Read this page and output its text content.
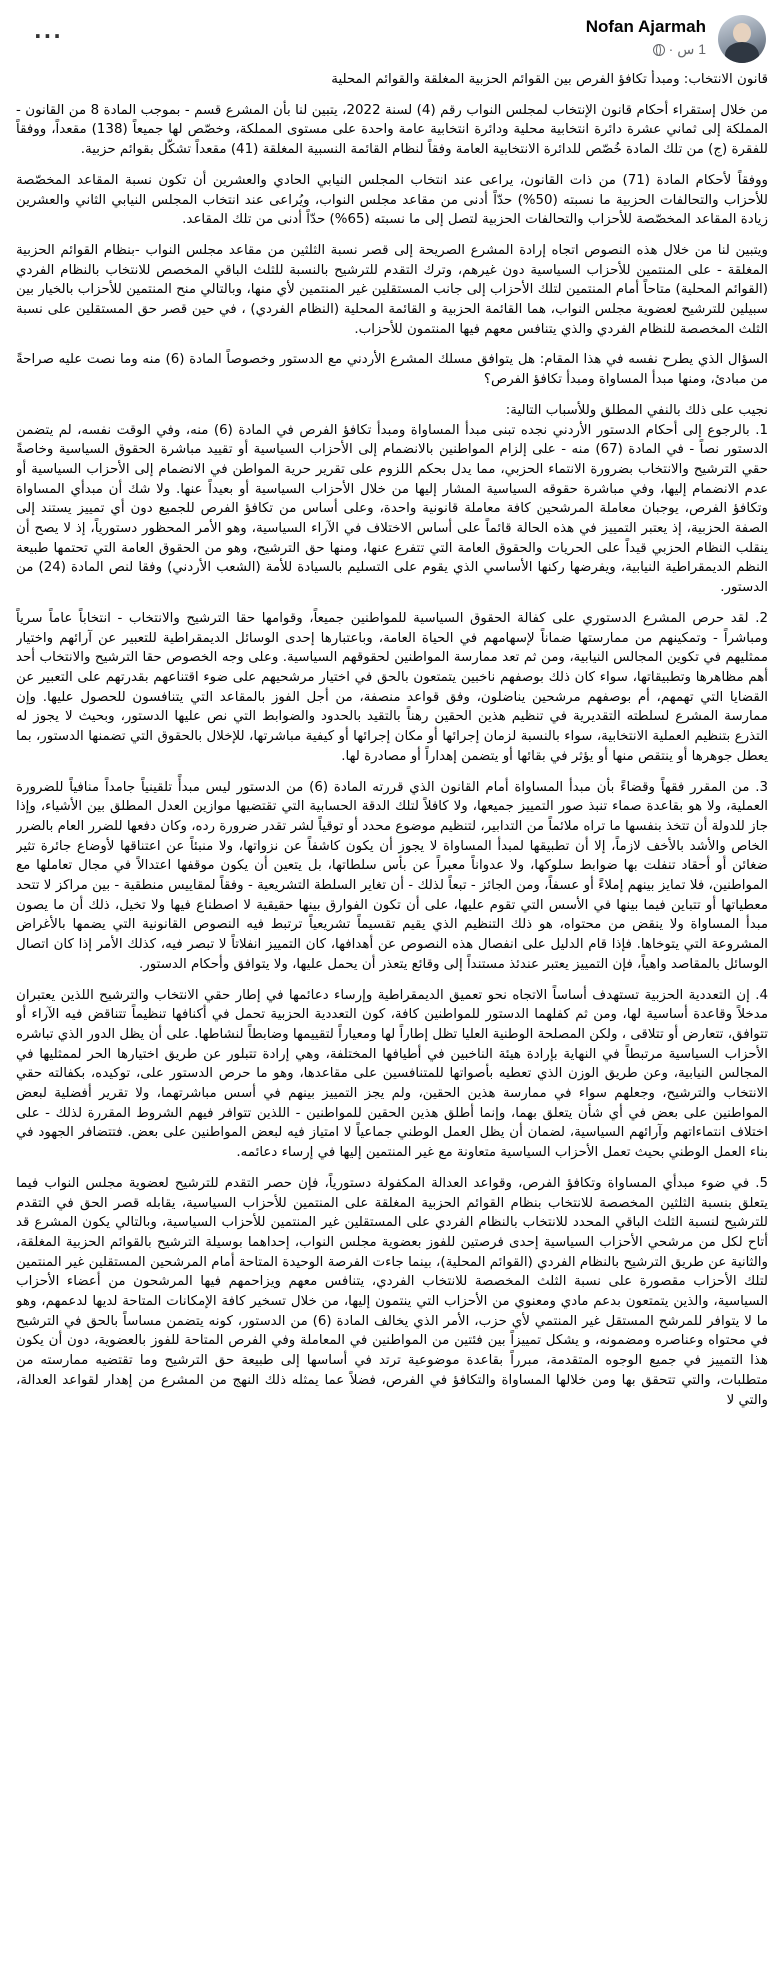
···	Nofan Ajarmah
1 س ·

قانون الانتخاب: ومبدأ تكافؤ الفرص بين القوائم الحزبية المغلقة والقوائم المحلية

من خلال إستقراء أحكام قانون الإنتخاب لمجلس النواب رقم (4) لسنة 2022، يتبين لنا بأن المشرع قسم - بموجب المادة 8 من القانون - المملكة إلى ثماني عشرة دائرة انتخابية محلية ودائرة انتخابية عامة واحدة على مستوى المملكة، وخصّص لها جميعاً (138) مقعداً، ووفقاً للفقرة (ج) من تلك المادة خُصّص للدائرة الانتخابية العامة وفقاً لنظام القائمة النسبية المغلقة (41) مقعداً تشكّل بقوائم حزبية.

ووفقاً لأحكام المادة (71) من ذات القانون، يراعى عند انتخاب المجلس النيابي الحادي والعشرين أن تكون نسبة المقاعد المخصّصة للأحزاب والتحالفات الحزبية ما نسبته (50%) حدّاً أدنى من مقاعد مجلس النواب، ويُراعى عند انتخاب المجلس النيابي الثاني والعشرين زيادة المقاعد المخصّصة للأحزاب والتحالفات الحزبية لتصل إلى ما نسبته (65%) حدّاً أدنى من تلك المقاعد.

ويتبين لنا من خلال هذه النصوص اتجاه إرادة المشرع الصريحة إلى قصر نسبة الثلثين من مقاعد مجلس النواب -بنظام القوائم الحزبية المغلقة - على المنتمين للأحزاب السياسية دون غيرهم، وترك التقدم للترشيح بالنسبة للثلث الباقي المخصص للانتخاب بالنظام الفردي (القوائم المحلية) متاحاً أمام المنتمين لتلك الأحزاب إلى جانب المستقلين غير المنتمين لأي منها، وبالتالي منح المنتمين للأحزاب بالخيار بين سبيلين للترشيح لعضوية مجلس النواب، هما القائمة الحزبية و القائمة المحلية (النظام الفردي) ، في حين قصر حق المستقلين على نسبة الثلث المخصصة للنظام الفردي والذي يتنافس معهم فيها المنتمون للأحزاب.

السؤال الذي يطرح نفسه في هذا المقام: هل يتوافق مسلك المشرع الأردني مع الدستور وخصوصاً المادة (6) منه وما نصت عليه صراحةً من مبادئ، ومنها مبدأ المساواة ومبدأ تكافؤ الفرص؟

نجيب على ذلك بالنفي المطلق وللأسباب التالية:
1. بالرجوع إلى أحكام الدستور الأردني نجده تبنى مبدأ المساواة ومبدأ تكافؤ الفرص في المادة (6) منه، وفي الوقت نفسه، لم يتضمن الدستور نصاً - في المادة (67) منه - على إلزام المواطنين بالانضمام إلى الأحزاب السياسية أو تقييد مباشرة الحقوق السياسية وخاصةً حقي الترشيح والانتخاب بضرورة الانتماء الحزبي، مما يدل بحكم اللزوم على تقرير حرية المواطن في الانضمام إلى الأحزاب السياسية أو عدم الانضمام إليها، وفي مباشرة حقوقه السياسية المشار إليها من خلال الأحزاب السياسية أو بعيداً عنها. ولا شك أن مبدأي المساواة وتكافؤ الفرص، يوجبان معاملة المرشحين كافة معاملة قانونية واحدة، وعلى أساس من تكافؤ الفرص للجميع دون أي تمييز يستند إلى الصفة الحزبية، إذ يعتبر التمييز في هذه الحالة قائماً على أساس الاختلاف في الآراء السياسية، وهو الأمر المحظور دستورياً، إذ لا يصح أن ينقلب النظام الحزبي قيداً على الحريات والحقوق العامة التي تتفرع عنها، ومنها حق الترشيح، وهو من الحقوق العامة التي تحتمها طبيعة النظم الديمقراطية النيابية، ويفرضها ركنها الأساسي الذي يقوم على التسليم بالسيادة للأمة (الشعب الأردني) وفقا لنص المادة (24) من الدستور.

2. لقد حرص المشرع الدستوري على كفالة الحقوق السياسية للمواطنين جميعاً، وقوامها حقا الترشيح والانتخاب - انتخاباً عاماً سرياً ومباشراً - وتمكينهم من ممارستها ضماناً لإسهامهم في الحياة العامة، وباعتبارها إحدى الوسائل الديمقراطية للتعبير عن آرائهم واختيار ممثليهم في تكوين المجالس النيابية، ومن ثم تعد ممارسة المواطنين لحقوقهم السياسية. وعلى وجه الخصوص حقا الترشيح والانتخاب أحد أهم مظاهرها وتطبيقاتها، سواء كان ذلك بوصفهم ناخبين يتمتعون بالحق في اختيار مرشحيهم على ضوء اقتناعهم بقدرتهم على التعبير عن القضايا التي تهمهم، أم بوصفهم مرشحين يناضلون، وفق قواعد منصفة، من أجل الفوز بالمقاعد التي يتنافسون للحصول عليها. وإن ممارسة المشرع لسلطته التقديرية في تنظيم هذين الحقين رهناً بالتقيد بالحدود والضوابط التي نص عليها الدستور، وبحيث لا يجوز له التذرع بتنظيم العملية الانتخابية، سواء بالنسبة لزمان إجرائها أو مكان إجرائها أو كيفية مباشرتها، للإخلال بالحقوق التي تضمنها الدستور، بما يعطل جوهرها أو ينتقص منها أو يؤثر في بقائها أو يتضمن إهداراً أو مصادرة لها.

3. من المقرر فقهاً وقضاءً بأن مبدأ المساواة أمام القانون الذي قررته المادة (6) من الدستور ليس مبدأً تلقينياً جامداً منافياً للضرورة العملية، ولا هو بقاعدة صماء تنبذ صور التمييز جميعها، ولا كافلاً لتلك الدقة الحسابية التي تقتضيها موازين العدل المطلق بين الأشياء، وإذا جاز للدولة أن تتخذ بنفسها ما تراه ملائماً من التدابير، لتنظيم موضوع محدد أو توقياً لشر تقدر ضرورة رده، وكان دفعها للضرر العام بالضرر الخاص والأشد بالأخف لازماً، إلا أن تطبيقها لمبدأ المساواة لا يجوز أن يكون كاشفاً عن نزواتها، ولا منبئاً عن اعتناقها لأوضاع جائرة تثير ضغائن أو أحقاد تنفلت بها ضوابط سلوكها، ولا عدواناً معبراً عن بأس سلطاتها، بل يتعين أن يكون موقفها اعتدالاً في مجال تعاملها مع المواطنين، فلا تمايز بينهم إملاءً أو عسفاً، ومن الجائز - تبعاً لذلك - أن تغاير السلطة التشريعية - وفقاً لمقاييس منطقية - بين مراكز لا تتحد معطياتها أو تتباين فيما بينها في الأسس التي تقوم عليها، على أن تكون الفوارق بينها حقيقية لا اصطناع فيها ولا تخيل، ذلك أن ما يصون مبدأ المساواة ولا ينقض من محتواه، هو ذلك التنظيم الذي يقيم تقسيماً تشريعياً ترتبط فيه النصوص القانونية التي يضمها بالأغراض المشروعة التي يتوخاها. فإذا قام الدليل على انفصال هذه النصوص عن أهدافها، كان التمييز انفلاتاً لا تبصر فيه، كذلك الأمر إذا كان اتصال الوسائل بالمقاصد واهياً، فإن التمييز يعتبر عندئذ مستنداً إلى وقائع يتعذر أن يحمل عليها، ولا يتوافق وأحكام الدستور.

4. إن التعددية الحزبية تستهدف أساساً الاتجاه نحو تعميق الديمقراطية وإرساء دعائمها في إطار حقي الانتخاب والترشيح اللذين يعتبران مدخلاً وقاعدة أساسية لها، ومن ثم كفلهما الدستور للمواطنين كافة، كون التعددية الحزبية تحمل في أكنافها تنظيماً تتناقض فيه الآراء أو تتوافق، تتعارض أو تتلاقى ، ولكن المصلحة الوطنية العليا تظل إطاراً لها ومعياراً لتقييمها وضابطاً لنشاطها. على أن يظل الدور الذي تباشره الأحزاب السياسية مرتبطاً في النهاية بإرادة هيئة الناخبين في أطيافها المختلفة، وهي إرادة تتبلور عن طريق اختيارها الحر لممثليها في المجالس النيابية، وعن طريق الوزن الذي تعطيه بأصواتها للمتنافسين على مقاعدها، وهو ما حرص الدستور على، توكيده، بكفالته حقي الانتخاب والترشيح، وجعلهم سواء في ممارسة هذين الحقين، ولم يجز التمييز بينهم في أسس مباشرتهما، ولا تقرير أفضلية لبعض المواطنين على بعض في أي شأن يتعلق بهما، وإنما أطلق هذين الحقين للمواطنين - اللذين تتوافر فيهم الشروط المقررة لذلك - على اختلاف انتماءاتهم وآرائهم السياسية، لضمان أن يظل العمل الوطني جماعياً لا امتياز فيه لبعض المواطنين على بعض. فتتضافر الجهود في بناء العمل الوطني بحيث تعمل الأحزاب السياسية متعاونة مع غير المنتمين إليها في إرساء دعائمه.

5. في ضوء مبدأي المساواة وتكافؤ الفرص، وقواعد العدالة المكفولة دستورياً، فإن حصر التقدم للترشيح لعضوية مجلس النواب فيما يتعلق بنسبة الثلثين المخصصة للانتخاب بنظام القوائم الحزبية المغلقة على المنتمين للأحزاب السياسية، يقابله قصر الحق في التقدم للترشيح لنسبة الثلث الباقي المحدد للانتخاب بالنظام الفردي على المستقلين غير المنتمين للأحزاب السياسية، وبالتالي يكون المشرع قد أتاح لكل من مرشحي الأحزاب السياسية إحدى فرصتين للفوز بعضوية مجلس النواب، إحداهما بوسيلة الترشيح بالقوائم الحزبية المغلقة، والثانية عن طريق الترشيح بالنظام الفردي (القوائم المحلية)، بينما جاءت الفرصة الوحيدة المتاحة أمام المرشحين المستقلين غير المنتمين لتلك الأحزاب مقصورة على نسبة الثلث المخصصة للانتخاب الفردي، يتنافس معهم ويزاحمهم فيها المرشحون من أعضاء الأحزاب السياسية، والذين يتمتعون بدعم مادي ومعنوي من الأحزاب التي ينتمون إليها، من خلال تسخير كافة الإمكانات المتاحة لديها لدعمهم، وهو ما لا يتوافر للمرشح المستقل غير المنتمي لأي حزب، الأمر الذي يخالف المادة (6) من الدستور، كونه يتضمن مساساً بالحق في الترشيح في محتواه وعناصره ومضمونه، و يشكل تمييزاً بين فئتين من المواطنين في المعاملة وفي الفرص المتاحة للفوز بالعضوية، دون أن يكون هذا التمييز في جميع الوجوه المتقدمة، مبرراً بقاعدة موضوعية ترتد في أساسها إلى طبيعة حق الترشيح وما تقتضيه ممارسته من متطلبات، والتي تتحقق بها ومن خلالها المساواة والتكافؤ في الفرص، فضلاً عما يمثله ذلك النهج من المشرع من إهدار لقواعد العدالة، والتي لا
